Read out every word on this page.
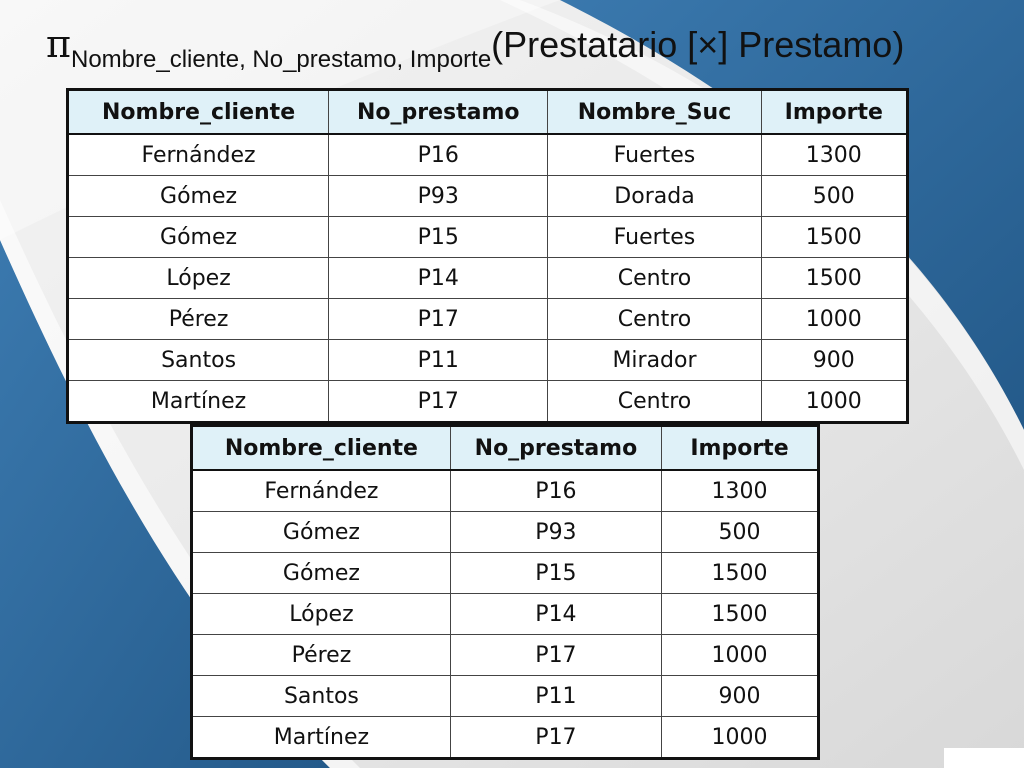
πNombre_cliente, No_prestamo, Importe(Prestatario [×] Prestamo)
Nombre_cliente	No_prestamo	Nombre_Suc	Importe
Fernández	P16	Fuertes	1300
Gómez	P93	Dorada	500
Gómez	P15	Fuertes	1500
López	P14	Centro	1500
Pérez	P17	Centro	1000
Santos	P11	Mirador	900
Martínez	P17	Centro	1000
Nombre_cliente	No_prestamo	Importe
Fernández	P16	1300
Gómez	P93	500
Gómez	P15	1500
López	P14	1500
Pérez	P17	1000
Santos	P11	900
Martínez	P17	1000
